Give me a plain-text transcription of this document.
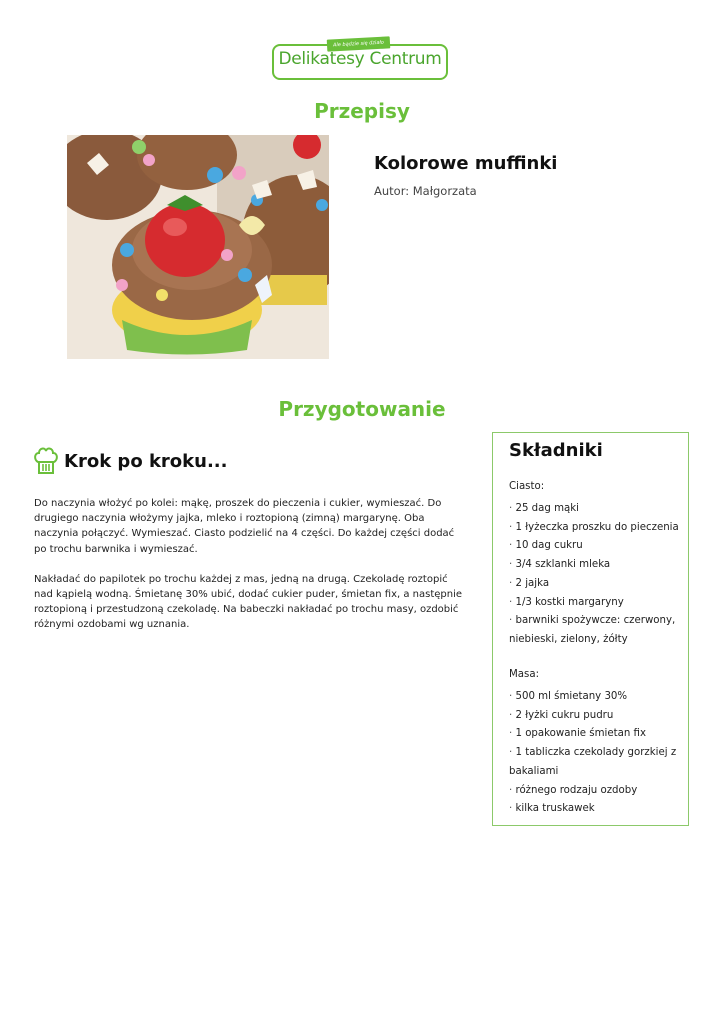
Ale bądzie się działo
Delikatesy Centrum
Przepisy
Kolorowe muffinki
Autor: Małgorzata
Przygotowanie
Krok po kroku...

Do naczynia włożyć po kolei: mąkę, proszek do pieczenia i cukier, wymieszać. Do drugiego naczynia włożymy jajka, mleko i roztopioną (zimną) margarynę. Oba naczynia połączyć. Wymieszać. Ciasto podzielić na 4 części. Do każdej części dodać po trochu barwnika i wymieszać.

Nakładać do papilotek po trochu każdej z mas, jedną na drugą. Czekoladę roztopić nad kąpielą wodną. Śmietanę 30% ubić, dodać cukier puder, śmietan fix, a następnie roztopioną i przestudzoną czekoladę. Na babeczki nakładać po trochu masy, ozdobić różnymi ozdobami wg uznania.

Składniki
Ciasto:
· 25 dag mąki
· 1 łyżeczka proszku do pieczenia
· 10 dag cukru
· 3/4 szklanki mleka
· 2 jajka
· 1/3 kostki margaryny
· barwniki spożywcze: czerwony, niebieski, zielony, żółty
Masa:
· 500 ml śmietany 30%
· 2 łyżki cukru pudru
· 1 opakowanie śmietan fix
· 1 tabliczka czekolady gorzkiej z bakaliami
· różnego rodzaju ozdoby
· kilka truskawek
